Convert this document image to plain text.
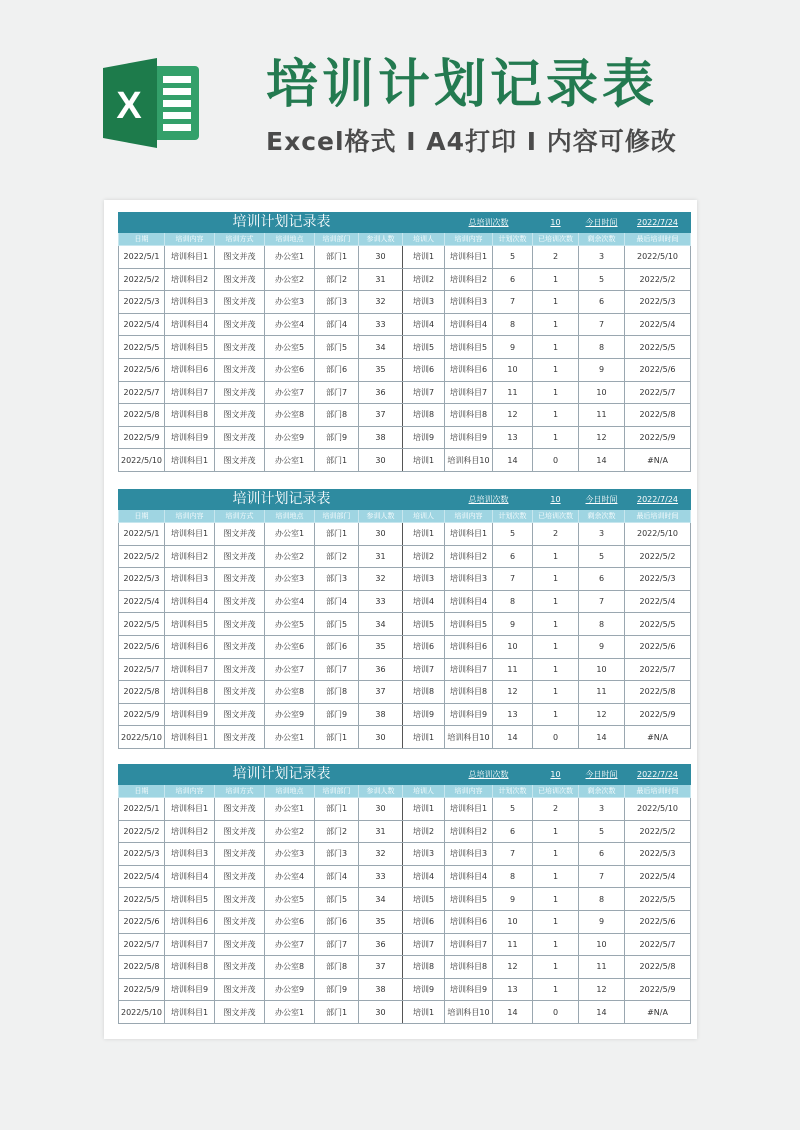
X 培训计划记录表
Excel格式 I A4打印 I 内容可修改
培训计划记录表							总培训次数		10	今日时间	2022/7/24
日期	培训内容	培训方式	培训地点	培训部门	参训人数	培训人	培训内容	计划次数	已培训次数	剩余次数	最后培训时间
2022/5/1	培训科目1	图文并茂	办公室1	部门1	30	培训1	培训科目1	5	2	3	2022/5/10
2022/5/2	培训科目2	图文并茂	办公室2	部门2	31	培训2	培训科目2	6	1	5	2022/5/2
2022/5/3	培训科目3	图文并茂	办公室3	部门3	32	培训3	培训科目3	7	1	6	2022/5/3
2022/5/4	培训科目4	图文并茂	办公室4	部门4	33	培训4	培训科目4	8	1	7	2022/5/4
2022/5/5	培训科目5	图文并茂	办公室5	部门5	34	培训5	培训科目5	9	1	8	2022/5/5
2022/5/6	培训科目6	图文并茂	办公室6	部门6	35	培训6	培训科目6	10	1	9	2022/5/6
2022/5/7	培训科目7	图文并茂	办公室7	部门7	36	培训7	培训科目7	11	1	10	2022/5/7
2022/5/8	培训科目8	图文并茂	办公室8	部门8	37	培训8	培训科目8	12	1	11	2022/5/8
2022/5/9	培训科目9	图文并茂	办公室9	部门9	38	培训9	培训科目9	13	1	12	2022/5/9
2022/5/10	培训科目1	图文并茂	办公室1	部门1	30	培训1	培训科目10	14	0	14	#N/A
培训计划记录表							总培训次数		10	今日时间	2022/7/24
日期	培训内容	培训方式	培训地点	培训部门	参训人数	培训人	培训内容	计划次数	已培训次数	剩余次数	最后培训时间
2022/5/1	培训科目1	图文并茂	办公室1	部门1	30	培训1	培训科目1	5	2	3	2022/5/10
2022/5/2	培训科目2	图文并茂	办公室2	部门2	31	培训2	培训科目2	6	1	5	2022/5/2
2022/5/3	培训科目3	图文并茂	办公室3	部门3	32	培训3	培训科目3	7	1	6	2022/5/3
2022/5/4	培训科目4	图文并茂	办公室4	部门4	33	培训4	培训科目4	8	1	7	2022/5/4
2022/5/5	培训科目5	图文并茂	办公室5	部门5	34	培训5	培训科目5	9	1	8	2022/5/5
2022/5/6	培训科目6	图文并茂	办公室6	部门6	35	培训6	培训科目6	10	1	9	2022/5/6
2022/5/7	培训科目7	图文并茂	办公室7	部门7	36	培训7	培训科目7	11	1	10	2022/5/7
2022/5/8	培训科目8	图文并茂	办公室8	部门8	37	培训8	培训科目8	12	1	11	2022/5/8
2022/5/9	培训科目9	图文并茂	办公室9	部门9	38	培训9	培训科目9	13	1	12	2022/5/9
2022/5/10	培训科目1	图文并茂	办公室1	部门1	30	培训1	培训科目10	14	0	14	#N/A
培训计划记录表							总培训次数		10	今日时间	2022/7/24
日期	培训内容	培训方式	培训地点	培训部门	参训人数	培训人	培训内容	计划次数	已培训次数	剩余次数	最后培训时间
2022/5/1	培训科目1	图文并茂	办公室1	部门1	30	培训1	培训科目1	5	2	3	2022/5/10
2022/5/2	培训科目2	图文并茂	办公室2	部门2	31	培训2	培训科目2	6	1	5	2022/5/2
2022/5/3	培训科目3	图文并茂	办公室3	部门3	32	培训3	培训科目3	7	1	6	2022/5/3
2022/5/4	培训科目4	图文并茂	办公室4	部门4	33	培训4	培训科目4	8	1	7	2022/5/4
2022/5/5	培训科目5	图文并茂	办公室5	部门5	34	培训5	培训科目5	9	1	8	2022/5/5
2022/5/6	培训科目6	图文并茂	办公室6	部门6	35	培训6	培训科目6	10	1	9	2022/5/6
2022/5/7	培训科目7	图文并茂	办公室7	部门7	36	培训7	培训科目7	11	1	10	2022/5/7
2022/5/8	培训科目8	图文并茂	办公室8	部门8	37	培训8	培训科目8	12	1	11	2022/5/8
2022/5/9	培训科目9	图文并茂	办公室9	部门9	38	培训9	培训科目9	13	1	12	2022/5/9
2022/5/10	培训科目1	图文并茂	办公室1	部门1	30	培训1	培训科目10	14	0	14	#N/A
